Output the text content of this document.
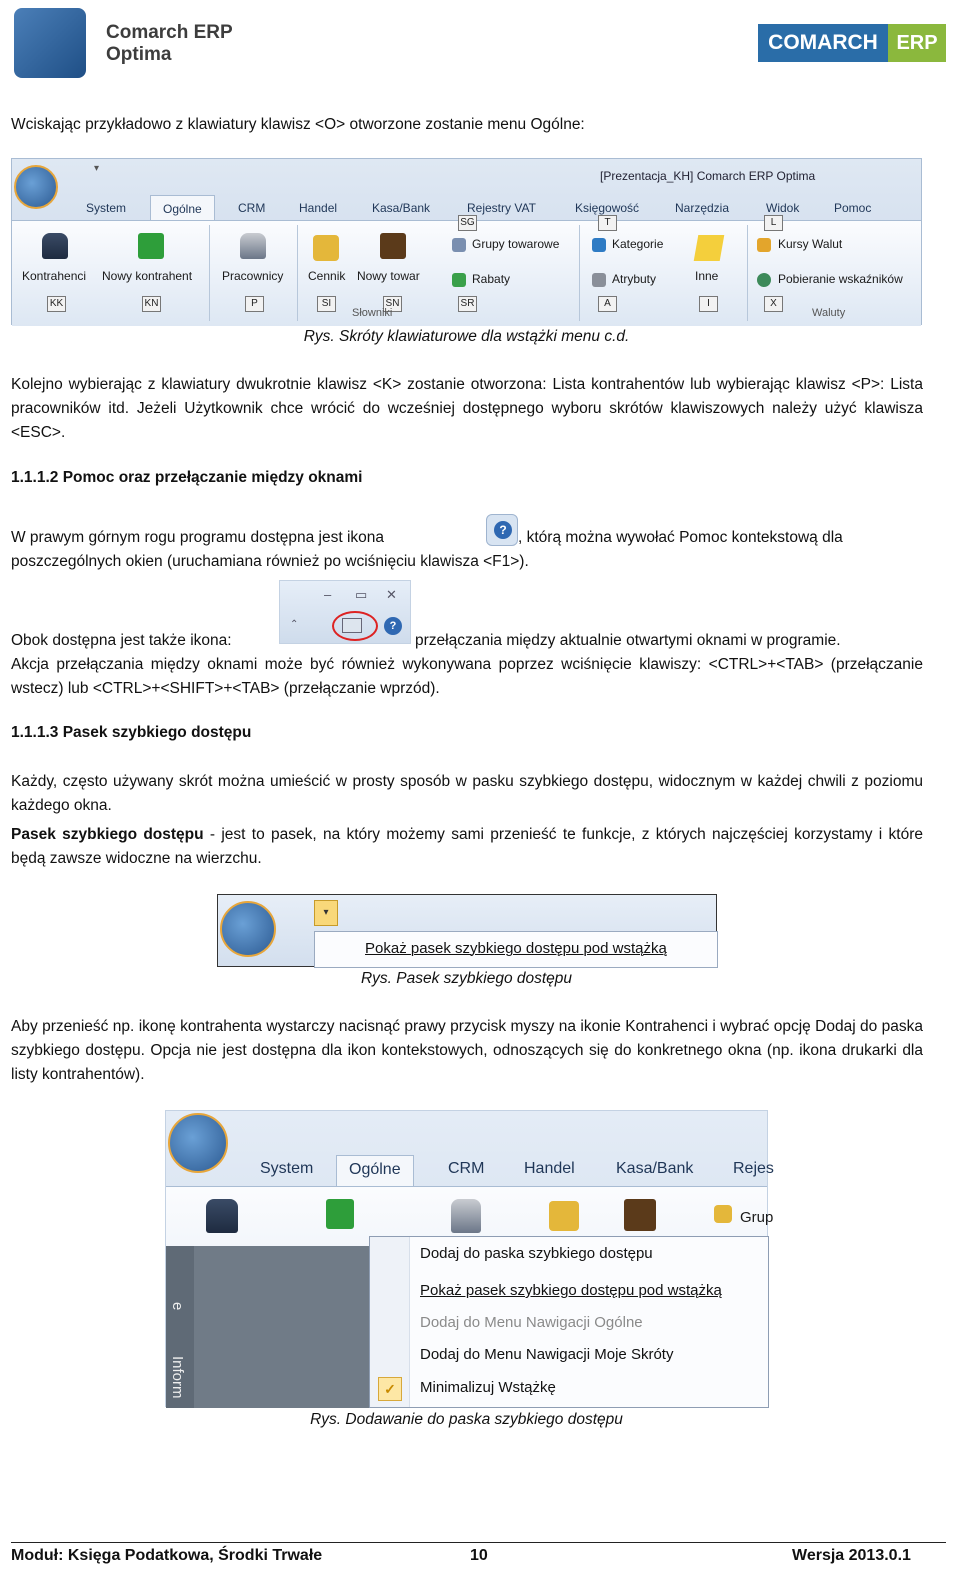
Comarch ERP
Optima
COMARCH ERP
Wciskając przykładowo z klawiatury klawisz <O> otworzone zostanie menu Ogólne:
▾
[Prezentacja_KH] Comarch ERP Optima
System	Ogólne	CRM	Handel	Kasa/Bank	Rejestry VAT	Księgowość	Narzędzia	Widok	Pomoc
Kontrahenci
KK
Nowy kontrahent
KN
Pracownicy
P
Cennik
SI
Nowy towar
SN
SG
Grupy towarowe
Rabaty
SR
Słowniki
T
Kategorie
Atrybuty
A
Inne
I
L
Kursy Walut
Pobieranie wskaźników
X
Waluty
Rys. Skróty klawiaturowe dla wstążki menu c.d.
Kolejno wybierając z klawiatury dwukrotnie klawisz <K> zostanie otworzona: Lista kontrahentów lub wybierając klawisz <P>: Lista pracowników itd. Jeżeli Użytkownik chce wrócić do wcześniej dostępnego wyboru skrótów klawiszowych należy użyć klawisza <ESC>.
1.1.1.2 Pomoc oraz przełączanie między oknami
W prawym górnym rogu programu dostępna jest ikona	? , którą można wywołać Pomoc kontekstową dla
poszczególnych okien (uruchamiana również po wciśnięciu klawisza <F1>).
Obok dostępna jest także ikona:
– ▭ ✕
⌃	?
przełączania między aktualnie otwartymi oknami w programie.
Akcja przełączania między oknami może być również wykonywana poprzez wciśnięcie klawiszy: <CTRL>+<TAB> (przełączanie wstecz) lub <CTRL>+<SHIFT>+<TAB> (przełączanie wprzód).
1.1.1.3 Pasek szybkiego dostępu
Każdy, często używany skrót można umieścić w prosty sposób w pasku szybkiego dostępu, widocznym w każdej chwili z poziomu każdego okna.
Pasek szybkiego dostępu - jest to pasek, na który możemy sami przenieść te funkcje, z których najczęściej korzystamy i które będą zawsze widoczne na wierzchu.
▾
Pokaż pasek szybkiego dostępu pod wstążką
Rys. Pasek szybkiego dostępu
Aby przenieść np. ikonę kontrahenta wystarczy nacisnąć prawy przycisk myszy na ikonie Kontrahenci i wybrać opcję Dodaj do paska szybkiego dostępu. Opcja nie jest dostępna dla ikon kontekstowych, odnoszących się do konkretnego okna (np. ikona drukarki dla listy kontrahentów).
System	Ogólne	CRM Handel	Kasa/Bank Rejes
Grup
e
Inform
Dodaj do paska szybkiego dostępu
Pokaż pasek szybkiego dostępu pod wstążką
Dodaj do Menu Nawigacji Ogólne
Dodaj do Menu Nawigacji Moje Skróty
✓	Minimalizuj Wstążkę
Rys. Dodawanie do paska szybkiego dostępu
Moduł: Księga Podatkowa, Środki Trwałe	10	Wersja 2013.0.1
